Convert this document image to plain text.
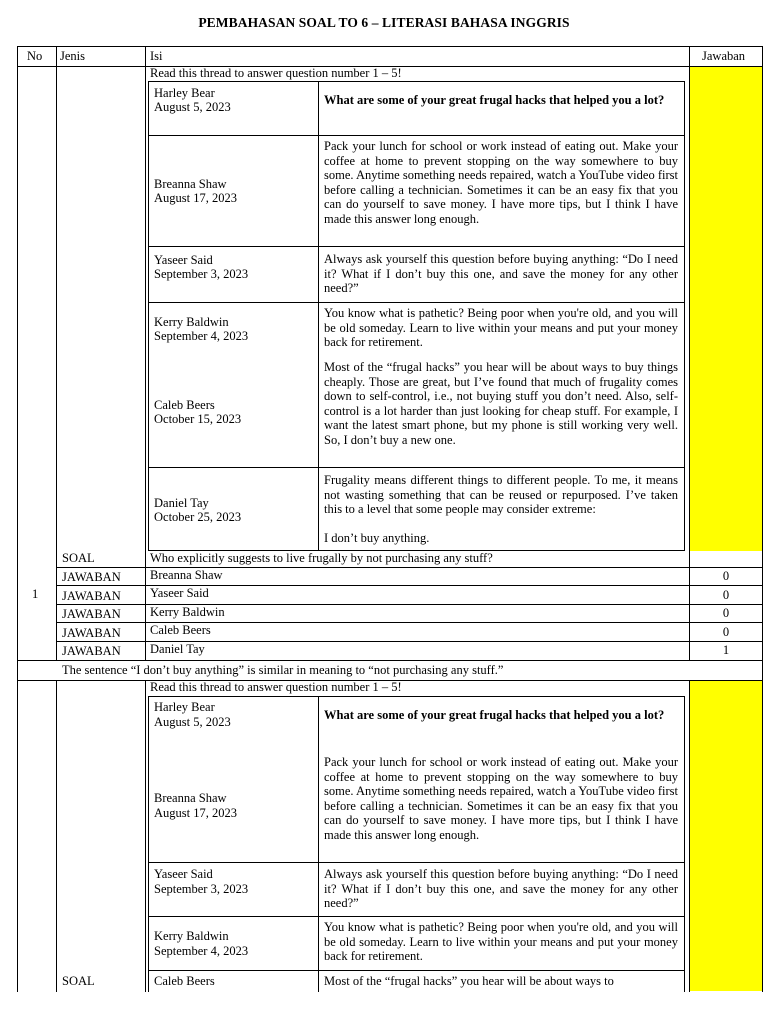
PEMBAHASAN SOAL TO 6 – LITERASI BAHASA INGGRIS
No Jenis	Isi	Jawaban
Read this thread to answer question number 1 – 5!
Harley Bear
August 5, 2023	What are some of your great frugal hacks that helped you a lot?
Breanna Shaw
August 17, 2023
Pack your lunch for school or work instead of eating out. Make your coffee at home to prevent stopping on the way somewhere to buy some. Anytime something needs repaired, watch a YouTube video first before calling a technician. Sometimes it can be an easy fix that you can do yourself to save money. I have more tips, but I think I have made this answer long enough.
Yaseer Said
September 3, 2023
Always ask yourself this question before buying anything: “Do I need it? What if I don’t buy this one, and save the money for any other need?”
Kerry Baldwin
September 4, 2023
You know what is pathetic? Being poor when you're old, and you will be old someday. Learn to live within your means and put your money back for retirement.
Caleb Beers
October 15, 2023
Most of the “frugal hacks” you hear will be about ways to buy things cheaply. Those are great, but I’ve found that much of frugality comes down to self-control, i.e., not buying stuff you don’t need. Also, self-control is a lot harder than just looking for cheap stuff. For example, I want the latest smart phone, but my phone is still working very well. So, I don’t buy a new one.
Daniel Tay
October 25, 2023
Frugality means different things to different people. To me, it means not wasting something that can be reused or repurposed. I’ve taken this to a level that some people may consider extreme:
I don’t buy anything.
SOAL	Who explicitly suggests to live frugally by not purchasing any stuff?
JAWABAN Breanna Shaw	0
JAWABAN Yaseer Said	0
JAWABAN Kerry Baldwin	0
JAWABAN Caleb Beers	0
JAWABAN Daniel Tay	1
1
The sentence “I don’t buy anything” is similar in meaning to “not purchasing any stuff.”
Read this thread to answer question number 1 – 5!
Harley Bear
August 5, 2023	What are some of your great frugal hacks that helped you a lot?
Breanna Shaw
August 17, 2023
Pack your lunch for school or work instead of eating out. Make your coffee at home to prevent stopping on the way somewhere to buy some. Anytime something needs repaired, watch a YouTube video first before calling a technician. Sometimes it can be an easy fix that you can do yourself to save money. I have more tips, but I think I have made this answer long enough.
Yaseer Said
September 3, 2023
Always ask yourself this question before buying anything: “Do I need it? What if I don’t buy this one, and save the money for any other need?”
Kerry Baldwin
September 4, 2023
You know what is pathetic? Being poor when you're old, and you will be old someday. Learn to live within your means and put your money back for retirement.
Caleb Beers	Most of the “frugal hacks” you hear will be about ways to
SOAL
